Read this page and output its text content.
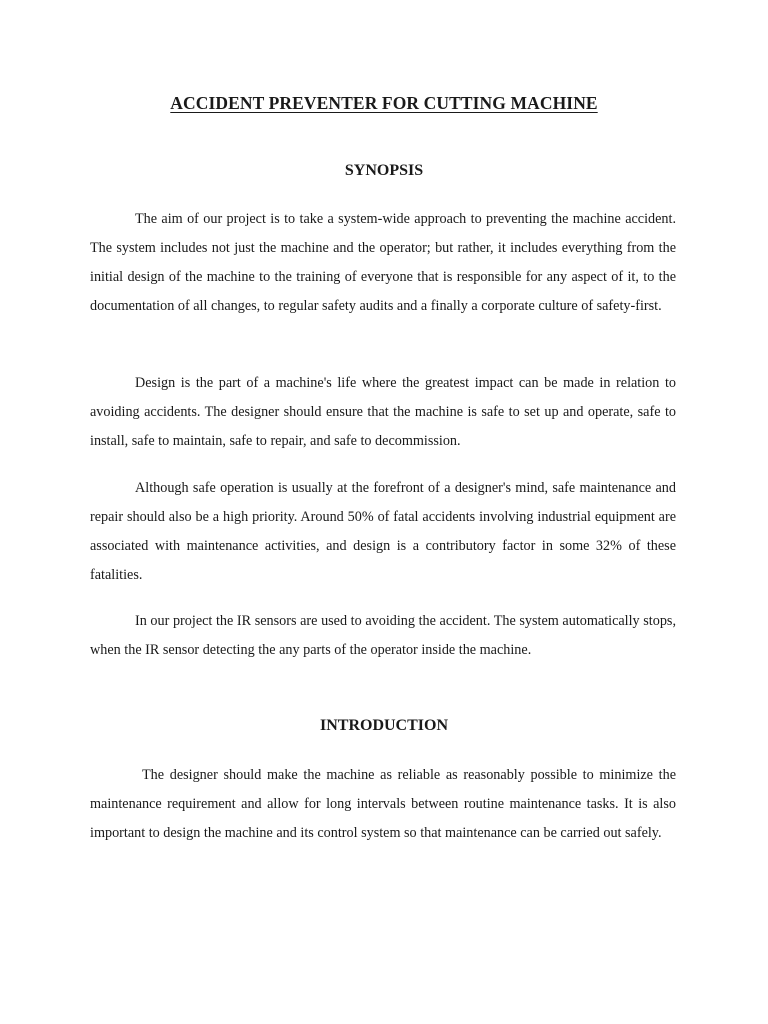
ACCIDENT PREVENTER FOR CUTTING MACHINE
SYNOPSIS

The aim of our project is to take a system-wide approach to preventing the machine accident. The system includes not just the machine and the operator; but rather, it includes everything from the initial design of the machine to the training of everyone that is responsible for any aspect of it, to the documentation of all changes, to regular safety audits and a finally a corporate culture of safety-first.

Design is the part of a machine's life where the greatest impact can be made in relation to avoiding accidents. The designer should ensure that the machine is safe to set up and operate, safe to install, safe to maintain, safe to repair, and safe to decommission.

Although safe operation is usually at the forefront of a designer's mind, safe maintenance and repair should also be a high priority. Around 50% of fatal accidents involving industrial equipment are associated with maintenance activities, and design is a contributory factor in some 32% of these fatalities.

In our project the IR sensors are used to avoiding the accident. The system automatically stops, when the IR sensor detecting the any parts of the operator inside the machine.

INTRODUCTION

The designer should make the machine as reliable as reasonably possible to minimize the maintenance requirement and allow for long intervals between routine maintenance tasks. It is also important to design the machine and its control system so that maintenance can be carried out safely.
